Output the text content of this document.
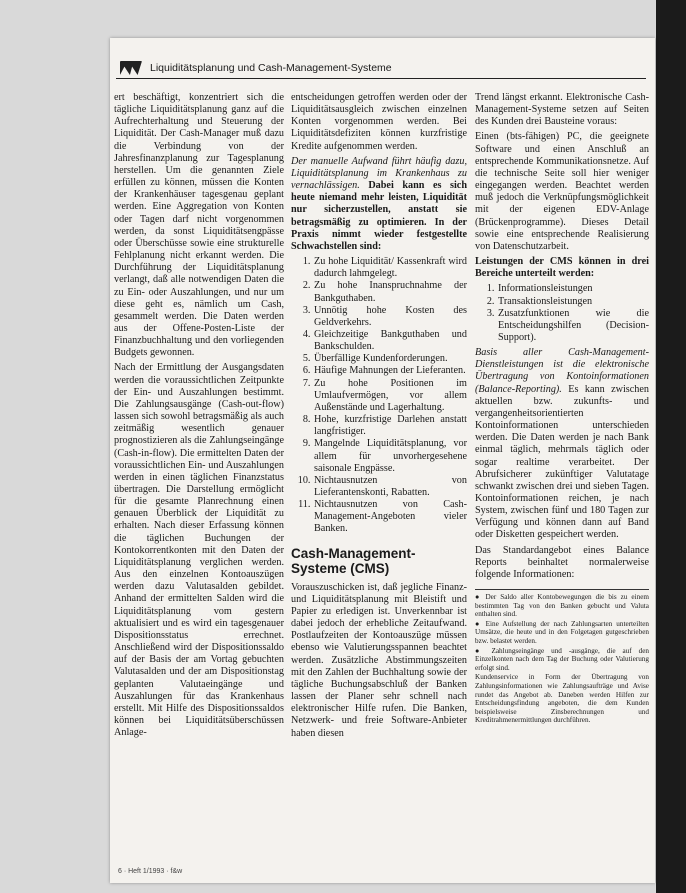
Liquiditätsplanung und Cash-Management-Systeme

ert beschäftigt, konzentriert sich die tägliche Liquiditätsplanung ganz auf die Aufrechterhaltung und Steuerung der Liquidität. Der Cash-Manager muß dazu die Verbindung von der Jahresfinanzplanung zur Tagesplanung herstellen. Um die genannten Ziele erfüllen zu können, müssen die Konten der Krankenhäuser tagesgenau geplant werden. Eine Aggregation von Konten oder Tagen darf nicht vorgenommen werden, da sonst Liquiditätsengpässe oder Überschüsse sowie eine strukturelle Fehlplanung nicht erkannt werden. Die Durchführung der Liquiditätsplanung verlangt, daß alle notwendigen Daten die zu Ein- oder Auszahlungen, und nur um diese geht es, nämlich um Cash, gesammelt werden. Die Daten werden aus der Offene-Posten-Liste der Finanzbuchhaltung und den vorliegenden Budgets gewonnen.

Nach der Ermittlung der Ausgangsdaten werden die voraussichtlichen Zeitpunkte der Ein- und Auszahlungen bestimmt. Die Zahlungsausgänge (Cash-out-flow) lassen sich sowohl betragsmäßig als auch zeitmäßig wesentlich genauer prognostizieren als die Zahlungseingänge (Cash-in-flow). Die ermittelten Daten der voraussichtlichen Ein- und Auszahlungen werden in einen täglichen Finanzstatus übertragen. Die Darstellung ermöglicht für die gesamte Planrechnung einen genauen Überblick der Liquidität zu erhalten. Nach dieser Erfassung können die täglichen Buchungen der Kontokorrentkonten mit den Daten der Liquiditätsplanung verglichen werden. Aus den einzelnen Kontoauszügen werden dazu Valutasalden gebildet. Anhand der ermittelten Salden wird die Liquiditätsplanung vom gestern aktualisiert und es wird ein tagesgenauer Dispositionsstatus errechnet. Anschließend wird der Dispositionssaldo auf der Basis der am Vortag gebuchten Valutasalden und der am Dispositionstag geplanten Valutaeingänge und Auszahlungen für das Krankenhaus erstellt. Mit Hilfe des Dispositionssaldos können bei Liquiditätsüberschüssen Anlage-

entscheidungen getroffen werden oder der Liquiditätsausgleich zwischen einzelnen Konten vorgenommen werden. Bei Liquiditätsdefiziten können kurzfristige Kredite aufgenommen werden.

Der manuelle Aufwand führt häufig dazu, Liquiditätsplanung im Krankenhaus zu vernachlässigen. Dabei kann es sich heute niemand mehr leisten, Liquidität nur sicherzustellen, anstatt sie betragsmäßig zu optimieren. In der Praxis nimmt wieder festgestellte Schwachstellen sind:

1. Zu hohe Liquidität/ Kassenkraft wird dadurch lahmgelegt.
2. Zu hohe Inanspruchnahme der Bankguthaben.
3. Unnötig hohe Kosten des Geldverkehrs.
4. Gleichzeitige Bankguthaben und Bankschulden.
5. Überfällige Kundenforderungen.
6. Häufige Mahnungen der Lieferanten.
7. Zu hohe Positionen im Umlaufvermögen, vor allem Außenstände und Lagerhaltung.
8. Hohe, kurzfristige Darlehen anstatt langfristiger.
9. Mangelnde Liquiditätsplanung, vor allem für unvorhergesehene saisonale Engpässe.
10. Nichtausnutzen von Lieferantenskonti, Rabatten.
11. Nichtausnutzen von Cash-Management-Angeboten vieler Banken.
Cash-Management-Systeme (CMS)

Vorauszuschicken ist, daß jegliche Finanz- und Liquiditätsplanung mit Bleistift und Papier zu erledigen ist. Unverkennbar ist dabei jedoch der erhebliche Zeitaufwand. Postlaufzeiten der Kontoauszüge müssen ebenso wie Valutierungsspannen beachtet werden. Zusätzliche Abstimmungszeiten mit den Zahlen der Buchhaltung sowie der tägliche Buchungsabschluß der Banken lassen der Planer sehr schnell nach elektronischer Hilfe rufen. Die Banken, Netzwerk- und freie Software-Anbieter haben diesen

Trend längst erkannt. Elektronische Cash-Management-Systeme setzen auf Seiten des Kunden drei Bausteine voraus:

Einen (bts-fähigen) PC, die geeignete Software und einen Anschluß an entsprechende Kommunikationsnetze. Auf die technische Seite soll hier weniger eingegangen werden. Beachtet werden muß jedoch die Verknüpfungsmöglichkeit mit der eigenen EDV-Anlage (Brückenprogramme). Dieses Detail sowie eine entsprechende Realisierung von Datenschutzarbeit.

Leistungen der CMS können in drei Bereiche unterteilt werden:

1. Informationsleistungen
2. Transaktionsleistungen
3. Zusatzfunktionen wie die Entscheidungshilfen (Decision-Support).

Basis aller Cash-Management-Dienstleistungen ist die elektronische Übertragung von Kontoinformationen (Balance-Reporting). Es kann zwischen aktuellen bzw. zukunfts- und vergangenheitsorientierten Kontoinformationen unterschieden werden. Die Daten werden je nach Bank einmal täglich, mehrmals täglich oder sogar realtime verarbeitet. Der Abrufsicherer zukünftiger Valutatage schwankt zwischen drei und sieben Tagen. Kontoinformationen reichen, je nach System, zwischen fünf und 180 Tagen zur Verfügung und können dann auf Band oder Disketten gespeichert werden.

Das Standardangebot eines Balance Reports beinhaltet normalerweise folgende Informationen:

● Der Saldo aller Kontobewegungen die bis zu einem bestimmten Tag von den Banken gebucht und Valuta enthalten sind.

● Eine Aufstellung der nach Zahlungsarten unterteilten Umsätze, die heute und in den Folgetagen gutgeschrieben bzw. belastet werden.

● Zahlungseingänge und -ausgänge, die auf den Einzelkonten nach dem Tag der Buchung oder Valutierung erfolgt sind.

Kundenservice in Form der Übertragung von Zahlungsinformationen wie Zahlungsaufträge und Avise rundet das Angebot ab. Daneben werden Hilfen zur Entscheidungsfindung angeboten, die dem Kunden beispielsweise Zinsberechnungen und Kreditrahmenermittlungen durchführen.

6 · Heft 1/1993 · f&w
